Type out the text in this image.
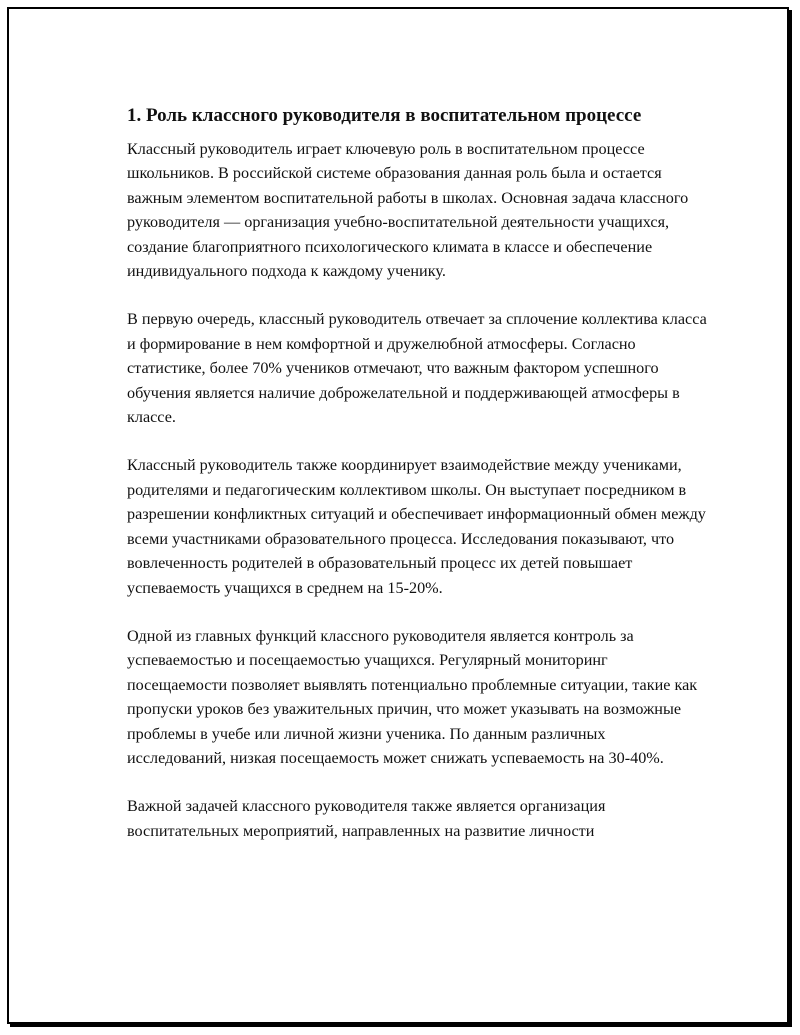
1. Роль классного руководителя в воспитательном процессе

Классный руководитель играет ключевую роль в воспитательном процессе школьников. В российской системе образования данная роль была и остается важным элементом воспитательной работы в школах. Основная задача классного руководителя — организация учебно-воспитательной деятельности учащихся, создание благоприятного психологического климата в классе и обеспечение индивидуального подхода к каждому ученику.

В первую очередь, классный руководитель отвечает за сплочение коллектива класса и формирование в нем комфортной и дружелюбной атмосферы. Согласно статистике, более 70% учеников отмечают, что важным фактором успешного обучения является наличие доброжелательной и поддерживающей атмосферы в классе.

Классный руководитель также координирует взаимодействие между учениками, родителями и педагогическим коллективом школы. Он выступает посредником в разрешении конфликтных ситуаций и обеспечивает информационный обмен между всеми участниками образовательного процесса. Исследования показывают, что вовлеченность родителей в образовательный процесс их детей повышает успеваемость учащихся в среднем на 15-20%.

Одной из главных функций классного руководителя является контроль за успеваемостью и посещаемостью учащихся. Регулярный мониторинг посещаемости позволяет выявлять потенциально проблемные ситуации, такие как пропуски уроков без уважительных причин, что может указывать на возможные проблемы в учебе или личной жизни ученика. По данным различных исследований, низкая посещаемость может снижать успеваемость на 30-40%.

Важной задачей классного руководителя также является организация воспитательных мероприятий, направленных на развитие личности
